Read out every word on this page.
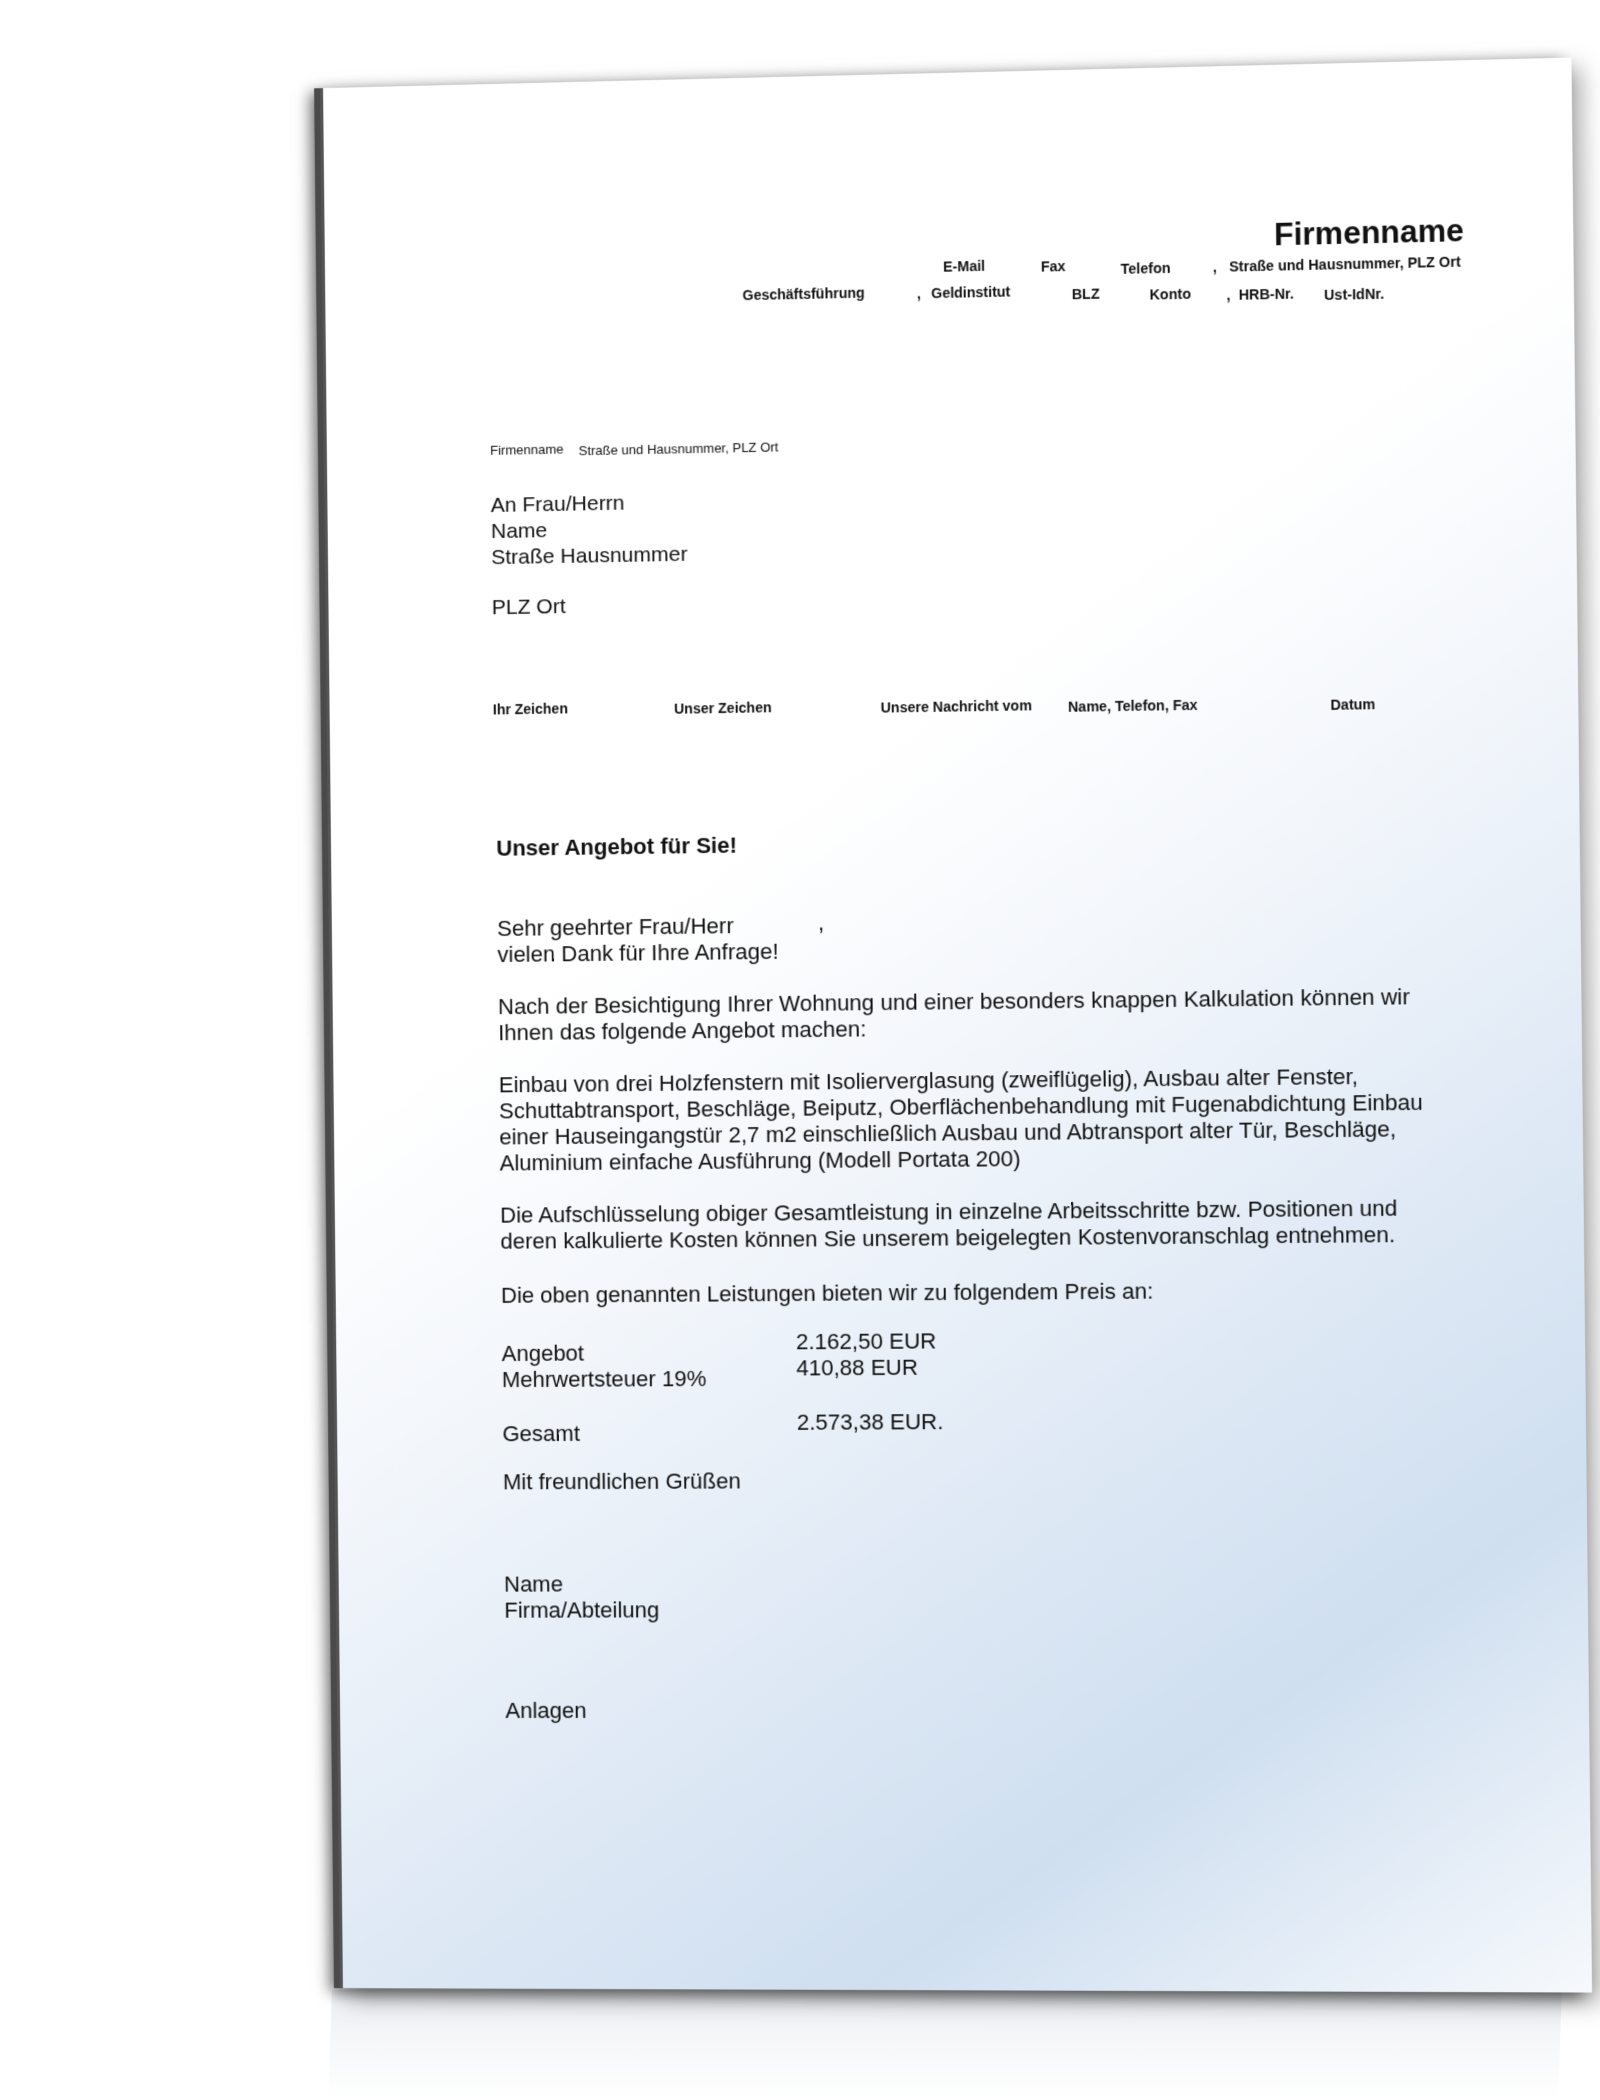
Firmenname
Geschäftsführung
E-Mail	Fax	Telefon	, Straße und Hausnummer, PLZ Ort
, Geldinstitut	BLZ	Konto	, HRB-Nr. Ust-IdNr.
Firmenname Straße und Hausnummer, PLZ Ort
An Frau/Herrn
Name
Straße Hausnummer
PLZ Ort
Ihr Zeichen	Unser Zeichen	Unsere Nachricht vom	Name, Telefon, Fax	Datum
Unser Angebot für Sie!
Sehr geehrter Frau/Herr	,
vielen Dank für Ihre Anfrage!
Nach der Besichtigung Ihrer Wohnung und einer besonders knappen Kalkulation können wir
Ihnen das folgende Angebot machen:
Einbau von drei Holzfenstern mit Isolierverglasung (zweiflügelig), Ausbau alter Fenster,
Schuttabtransport, Beschläge, Beiputz, Oberflächenbehandlung mit Fugenabdichtung Einbau
einer Hauseingangstür 2,7 m2 einschließlich Ausbau und Abtransport alter Tür, Beschläge,
Aluminium einfache Ausführung (Modell Portata 200)
Die Aufschlüsselung obiger Gesamtleistung in einzelne Arbeitsschritte bzw. Positionen und
deren kalkulierte Kosten können Sie unserem beigelegten Kostenvoranschlag entnehmen.
Die oben genannten Leistungen bieten wir zu folgendem Preis an:
Angebot	2.162,50 EUR
Mehrwertsteuer 19%	410,88 EUR
Gesamt	2.573,38 EUR.
Mit freundlichen Grüßen
Name
Firma/Abteilung
Anlagen
